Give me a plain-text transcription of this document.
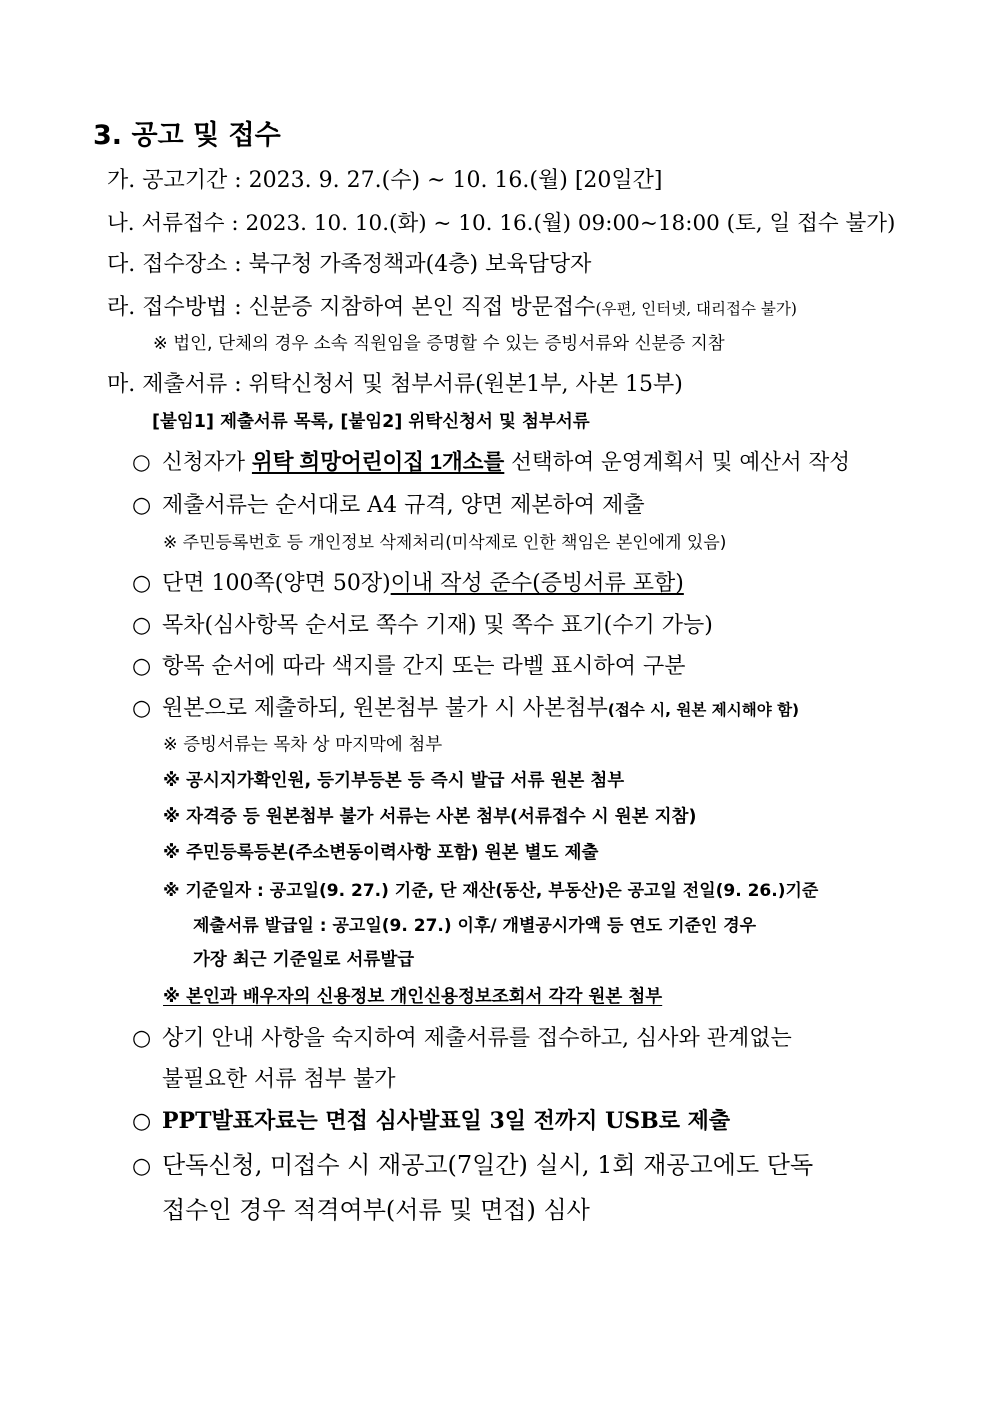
3. 공고 및 접수
가. 공고기간 : 2023. 9. 27.(수) ~ 10. 16.(월) [20일간]
나. 서류접수 : 2023. 10. 10.(화) ~ 10. 16.(월) 09:00~18:00 (토, 일 접수 불가)
다. 접수장소 : 북구청 가족정책과(4층) 보육담당자
라. 접수방법 : 신분증 지참하여 본인 직접 방문접수(우편, 인터넷, 대리접수 불가)
※ 법인, 단체의 경우 소속 직원임을 증명할 수 있는 증빙서류와 신분증 지참
마. 제출서류 : 위탁신청서 및 첨부서류(원본1부, 사본 15부)
[붙임1] 제출서류 목록, [붙임2] 위탁신청서 및 첨부서류
○ 신청자가 위탁 희망어린이집 1개소를 선택하여 운영계획서 및 예산서 작성
○ 제출서류는 순서대로 A4 규격, 양면 제본하여 제출
※ 주민등록번호 등 개인정보 삭제처리(미삭제로 인한 책임은 본인에게 있음)
○ 단면 100쪽(양면 50장)이내 작성 준수(증빙서류 포함)
○ 목차(심사항목 순서로 쪽수 기재) 및 쪽수 표기(수기 가능)
○ 항목 순서에 따라 색지를 간지 또는 라벨 표시하여 구분
○ 원본으로 제출하되, 원본첨부 불가 시 사본첨부(접수 시, 원본 제시해야 함)
※ 증빙서류는 목차 상 마지막에 첨부
※ 공시지가확인원, 등기부등본 등 즉시 발급 서류 원본 첨부
※ 자격증 등 원본첨부 불가 서류는 사본 첨부(서류접수 시 원본 지참)
※ 주민등록등본(주소변동이력사항 포함) 원본 별도 제출
※ 기준일자 : 공고일(9. 27.) 기준, 단 재산(동산, 부동산)은 공고일 전일(9. 26.)기준
제출서류 발급일 : 공고일(9. 27.) 이후/ 개별공시가액 등 연도 기준인 경우
가장 최근 기준일로 서류발급
※ 본인과 배우자의 신용정보 개인신용정보조회서 각각 원본 첨부
○ 상기 안내 사항을 숙지하여 제출서류를 접수하고, 심사와 관계없는
불필요한 서류 첨부 불가
○ PPT발표자료는 면접 심사발표일 3일 전까지 USB로 제출
○ 단독신청, 미접수 시 재공고(7일간) 실시, 1회 재공고에도 단독
접수인 경우 적격여부(서류 및 면접) 심사
